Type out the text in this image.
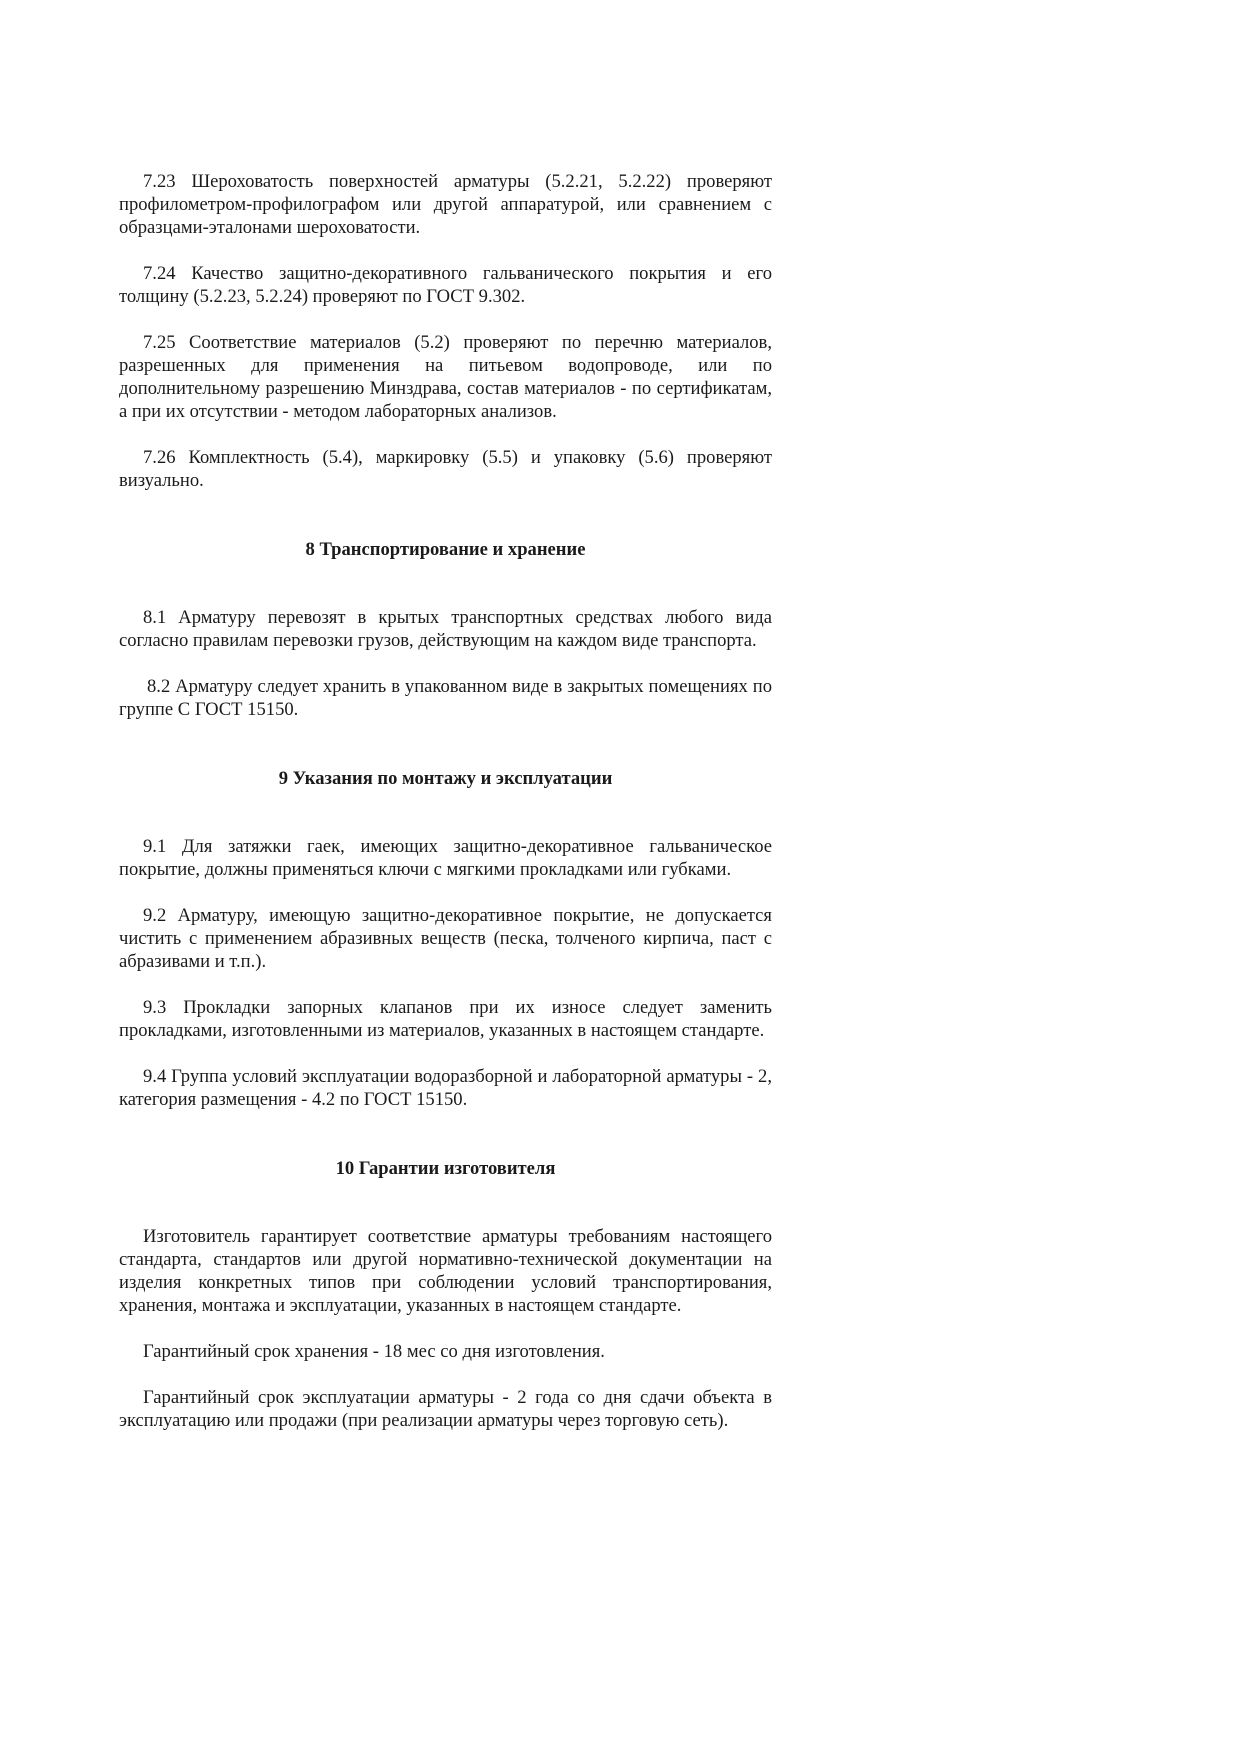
7.23 Шероховатость поверхностей арматуры (5.2.21, 5.2.22) проверяют профилометром-профилографом или другой аппаратурой, или сравнением с образцами-эталонами шероховатости.

7.24 Качество защитно-декоративного гальванического покрытия и его толщину (5.2.23, 5.2.24) проверяют по ГОСТ 9.302.

7.25 Соответствие материалов (5.2) проверяют по перечню материалов, разрешенных для применения на питьевом водопроводе, или по дополнительному разрешению Минздрава, состав материалов - по сертификатам, а при их отсутствии - методом лабораторных анализов.

7.26 Комплектность (5.4), маркировку (5.5) и упаковку (5.6) проверяют визуально.

8 Транспортирование и хранение

8.1 Арматуру перевозят в крытых транспортных средствах любого вида согласно правилам перевозки грузов, действующим на каждом виде транспорта.

8.2 Арматуру следует хранить в упакованном виде в закрытых помещениях по группе С ГОСТ 15150.

9 Указания по монтажу и эксплуатации

9.1 Для затяжки гаек, имеющих защитно-декоративное гальваническое покрытие, должны применяться ключи с мягкими прокладками или губками.

9.2 Арматуру, имеющую защитно-декоративное покрытие, не допускается чистить с применением абразивных веществ (песка, толченого кирпича, паст с абразивами и т.п.).

9.3 Прокладки запорных клапанов при их износе следует заменить прокладками, изготовленными из материалов, указанных в настоящем стандарте.

9.4 Группа условий эксплуатации водоразборной и лабораторной арматуры - 2, категория размещения - 4.2 по ГОСТ 15150.

10 Гарантии изготовителя

Изготовитель гарантирует соответствие арматуры требованиям настоящего стандарта, стандартов или другой нормативно-технической документации на изделия конкретных типов при соблюдении условий транспортирования, хранения, монтажа и эксплуатации, указанных в настоящем стандарте.

Гарантийный срок хранения - 18 мес со дня изготовления.

Гарантийный срок эксплуатации арматуры - 2 года со дня сдачи объекта в эксплуатацию или продажи (при реализации арматуры через торговую сеть).
